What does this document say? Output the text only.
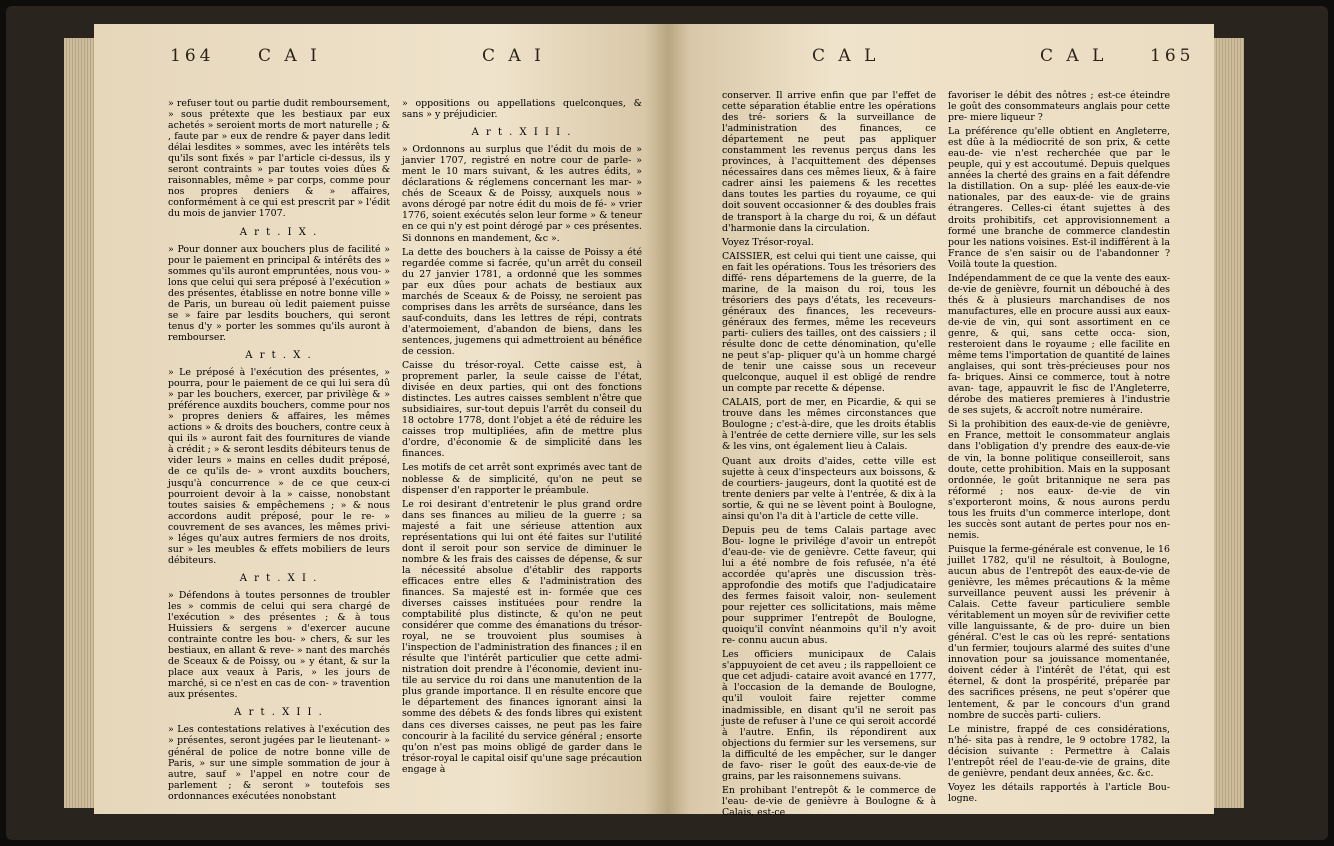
164	C A I	C A I	C A L	C A L	165

» refuser tout ou partie dudit remboursement, » sous prétexte que les bestiaux par eux achetés » seroient morts de mort naturelle ; & , faute par » eux de rendre & payer dans ledit délai lesdites » sommes, avec les intérêts tels qu'ils sont fixés » par l'article ci-dessus, ils y seront contraints » par toutes voies dûes & raisonnables, même » par corps, comme pour nos propres deniers & » affaires, conformément à ce qui est prescrit par » l'édit du mois de janvier 1707.

A r t . I X .

» Pour donner aux bouchers plus de facilité » pour le paiement en principal & intérêts des » sommes qu'ils auront empruntées, nous vou- » lons que celui qui sera préposé à l'exécution » des présentes, établisse en notre bonne ville » de Paris, un bureau où ledit paiement puisse se » faire par lesdits bouchers, qui seront tenus d'y » porter les sommes qu'ils auront à rembourser.

A r t . X .

» Le préposé à l'exécution des présentes, » pourra, pour le paiement de ce qui lui sera dû » par les bouchers, exercer, par privilège & » préférence auxdits bouchers, comme pour nos » propres deniers & affaires, les mêmes actions » & droits des bouchers, contre ceux à qui ils » auront fait des fournitures de viande à crédit ; » & seront lesdits débiteurs tenus de vider leurs » mains en celles dudit préposé, de ce qu'ils de- » vront auxdits bouchers, jusqu'à concurrence » de ce que ceux-ci pourroient devoir à la » caisse, nonobstant toutes saisies & empêchemens ; » & nous accordons audit préposé, pour le re- » couvrement de ses avances, les mêmes privi- » léges qu'aux autres fermiers de nos droits, sur » les meubles & effets mobiliers de leurs débiteurs.

A r t . X I .

» Défendons à toutes personnes de troubler les » commis de celui qui sera chargé de l'exécution » des présentes ; & à tous Huissiers & sergens » d'exercer aucune contrainte contre les bou- » chers, & sur les bestiaux, en allant & reve- » nant des marchés de Sceaux & de Poissy, ou » y étant, & sur la place aux veaux à Paris, » les jours de marché, si ce n'est en cas de con- » travention aux présentes.

A r t . X I I .

» Les contestations relatives à l'exécution des » présentes, seront jugées par le lieutenant- » général de police de notre bonne ville de Paris, » sur une simple sommation de jour à autre, sauf » l'appel en notre cour de parlement ; & seront » toutefois ses ordonnances exécutées nonobstant

» oppositions ou appellations quelconques, & sans » y préjudicier.

A r t . X I I I .

» Ordonnons au surplus que l'édit du mois de » janvier 1707, registré en notre cour de parle- » ment le 10 mars suivant, & les autres édits, » déclarations & réglemens concernant les mar- » chés de Sceaux & de Poissy, auxquels nous » avons dérogé par notre édit du mois de fé- » vrier 1776, soient exécutés selon leur forme » & teneur en ce qui n'y est point dérogé par » ces présentes. Si donnons en mandement, &c ».

La dette des bouchers à la caisse de Poissy a été regardée comme si facrée, qu'un arrêt du conseil du 27 janvier 1781, a ordonné que les sommes par eux dûes pour achats de bestiaux aux marchés de Sceaux & de Poissy, ne seroient pas comprises dans les arrêts de surséance, dans les sauf-conduits, dans les lettres de répi, contrats d'atermoiement, d'abandon de biens, dans les sentences, jugemens qui admettroient au bénéfice de cession.

Caisse du trésor-royal. Cette caisse est, à proprement parler, la seule caisse de l'état, divisée en deux parties, qui ont des fonctions distinctes. Les autres caisses semblent n'être que subsidiaires, sur-tout depuis l'arrêt du conseil du 18 octobre 1778, dont l'objet a été de réduire les caisses trop multipliées, afin de mettre plus d'ordre, d'économie & de simplicité dans les finances.

Les motifs de cet arrêt sont exprimés avec tant de noblesse & de simplicité, qu'on ne peut se dispenser d'en rapporter le préambule.

Le roi desirant d'entretenir le plus grand ordre dans ses finances au milieu de la guerre ; sa majesté a fait une sérieuse attention aux représentations qui lui ont été faites sur l'utilité dont il seroit pour son service de diminuer le nombre & les frais des caisses de dépense, & sur la nécessité absolue d'établir des rapports efficaces entre elles & l'administration des finances. Sa majesté est in- formée que ces diverses caisses instituées pour rendre la comptabilité plus distincte, & qu'on ne peut considérer que comme des émanations du trésor-royal, ne se trouvoient plus soumises à l'inspection de l'administration des finances ; il en résulte que l'intérêt particulier que cette admi- nistration doit prendre à l'économie, devient inu- tile au service du roi dans une manutention de la plus grande importance. Il en résulte encore que le département des finances ignorant ainsi la somme des débets & des fonds libres qui existent dans ces diverses caisses, ne peut pas les faire concourir à la facilité du service général ; ensorte qu'on n'est pas moins obligé de garder dans le trésor-royal le capital oisif qu'une sage précaution engage à

conserver. Il arrive enfin que par l'effet de cette séparation établie entre les opérations des tré- soriers & la surveillance de l'administration des finances, ce département ne peut pas appliquer constamment les revenus perçus dans les provinces, à l'acquittement des dépenses nécessaires dans ces mêmes lieux, & à faire cadrer ainsi les paiemens & les recettes dans toutes les parties du royaume, ce qui doit souvent occasionner & des doubles frais de transport à la charge du roi, & un défaut d'harmonie dans la circulation.

Voyez Trésor-royal.

CAISSIER, est celui qui tient une caisse, qui en fait les opérations. Tous les trésoriers des diffé- rens départemens de la guerre, de la marine, de la maison du roi, tous les trésoriers des pays d'états, les receveurs-généraux des finances, les receveurs- généraux des fermes, même les receveurs parti- culiers des tailles, ont des caissiers ; il résulte donc de cette dénomination, qu'elle ne peut s'ap- pliquer qu'à un homme chargé de tenir une caisse sous un receveur quelconque, auquel il est obligé de rendre un compte par recette & dépense.

CALAIS, port de mer, en Picardie, & qui se trouve dans les mêmes circonstances que Boulogne ; c'est-à-dire, que les droits établis à l'entrée de cette derniere ville, sur les sels & les vins, ont également lieu à Calais.

Quant aux droits d'aides, cette ville est sujette à ceux d'inspecteurs aux boissons, & de courtiers- jaugeurs, dont la quotité est de trente deniers par velte à l'entrée, & dix à la sortie, & qui ne se lèvent point à Boulogne, ainsi qu'on l'a dit à l'article de cette ville.

Depuis peu de tems Calais partage avec Bou- logne le privilége d'avoir un entrepôt d'eau-de- vie de genièvre. Cette faveur, qui lui a été nombre de fois refusée, n'a été accordée qu'après une discussion très-approfondie des motifs que l'adjudicataire des fermes faisoit valoir, non- seulement pour rejetter ces sollicitations, mais même pour supprimer l'entrepôt de Boulogne, quoiqu'il convînt néanmoins qu'il n'y avoit re- connu aucun abus.

Les officiers municipaux de Calais s'appuyoient de cet aveu ; ils rappelloient ce que cet adjudi- cataire avoit avancé en 1777, à l'occasion de la demande de Boulogne, qu'il vouloit faire rejetter comme inadmissible, en disant qu'il ne seroit pas juste de refuser à l'une ce qui seroit accordé à l'autre. Enfin, ils répondirent aux objections du fermier sur les versemens, sur la difficulté de les empêcher, sur le danger de favo- riser le goût des eaux-de-vie de grains, par les raisonnemens suivans.

En prohibant l'entrepôt & le commerce de l'eau- de-vie de genièvre à Boulogne & à Calais, est-ce

favoriser le débit des nôtres ; est-ce éteindre le goût des consommateurs anglais pour cette pre- miere liqueur ?

La préférence qu'elle obtient en Angleterre, est dûe à la médiocrité de son prix, & cette eau-de- vie n'est recherchée que par le peuple, qui y est accoutumé. Depuis quelques années la cherté des grains en a fait défendre la distillation. On a sup- pléé les eaux-de-vie nationales, par des eaux-de- vie de grains étrangeres. Celles-ci étant sujettes à des droits prohibitifs, cet approvisionnement a formé une branche de commerce clandestin pour les nations voisines. Est-il indifférent à la France de s'en saisir ou de l'abandonner ? Voilà toute la question.

Indépendamment de ce que la vente des eaux- de-vie de genièvre, fournit un débouché à des thés & à plusieurs marchandises de nos manufactures, elle en procure aussi aux eaux-de-vie de vin, qui sont assortiment en ce genre, & qui, sans cette occa- sion, resteroient dans le royaume ; elle facilite en même tems l'importation de quantité de laines anglaises, qui sont très-précieuses pour nos fa- briques. Ainsi ce commerce, tout à notre avan- tage, appauvrit le fisc de l'Angleterre, dérobe des matieres premieres à l'industrie de ses sujets, & accroît notre numéraire.

Si la prohibition des eaux-de-vie de genièvre, en France, mettoit le consommateur anglais dans l'obligation d'y prendre des eaux-de-vie de vin, la bonne politique conseilleroit, sans doute, cette prohibition. Mais en la supposant ordonnée, le goût britannique ne sera pas réformé ; nos eaux- de-vie de vin s'exporteront moins, & nous aurons perdu tous les fruits d'un commerce interlope, dont les succès sont autant de pertes pour nos en- nemis.

Puisque la ferme-générale est convenue, le 16 juillet 1782, qu'il ne résultoit, à Boulogne, aucun abus de l'entrepôt des eaux-de-vie de genièvre, les mêmes précautions & la même surveillance peuvent aussi les prévenir à Calais. Cette faveur particuliere semble véritablement un moyen sûr de revivifier cette ville languissante, & de pro- duire un bien général. C'est le cas où les repré- sentations d'un fermier, toujours alarmé des suites d'une innovation pour sa jouissance momentanée, doivent céder à l'intérêt de l'état, qui est éternel, & dont la prospérité, préparée par des sacrifices présens, ne peut s'opérer que lentement, & par le concours d'un grand nombre de succès parti- culiers.

Le ministre, frappé de ces considérations, n'hé- sita pas à rendre, le 9 octobre 1782, la décision suivante : Permettre à Calais l'entrepôt réel de l'eau-de-vie de grains, dite de genièvre, pendant deux années, &c. &c.

Voyez les détails rapportés à l'article Bou- logne.
